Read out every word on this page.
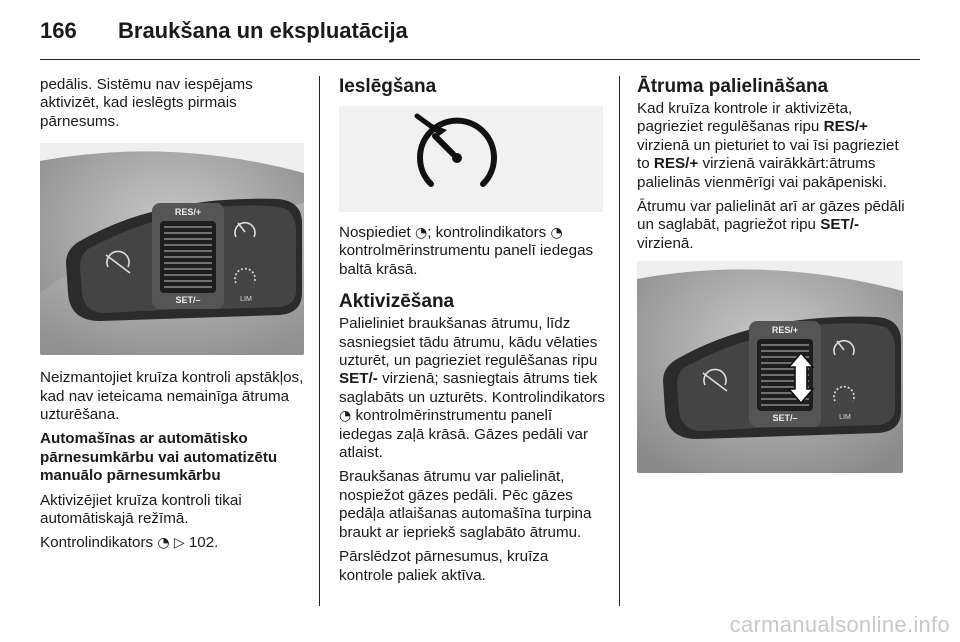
166 Braukšana un ekspluatācija

pedālis. Sistēmu nav iespējams aktivizēt, kad ieslēgts pirmais pārnesums.

RES/+
SET/–	LIM

Neizmantojiet kruīza kontroli apstākļos, kad nav ieteicama nemainīga ātruma uzturēšana.

Automašīnas ar automātisko pārnesumkārbu vai automatizētu manuālo pārnesumkārbu

Aktivizējiet kruīza kontroli tikai automātiskajā režīmā.

Kontrolindikators ◔ ▷ 102.

Ieslēgšana

Nospiediet ◔; kontrolindikators ◔ kontrolmērinstrumentu panelī iedegas baltā krāsā.

Aktivizēšana

Palieliniet braukšanas ātrumu, līdz sasniegsiet tādu ātrumu, kādu vēlaties uzturēt, un pagrieziet regulēšanas ripu SET/- virzienā; sasniegtais ātrums tiek saglabāts un uzturēts. Kontrolindikators ◔ kontrolmērinstrumentu panelī iedegas zaļā krāsā. Gāzes pedāli var atlaist.

Braukšanas ātrumu var palielināt, nospiežot gāzes pedāli. Pēc gāzes pedāļa atlaišanas automašīna turpina braukt ar iepriekš saglabāto ātrumu.

Pārslēdzot pārnesumus, kruīza kontrole paliek aktīva.

Ātruma palielināšana

Kad kruīza kontrole ir aktivizēta, pagrieziet regulēšanas ripu RES/+ virzienā un pieturiet to vai īsi pagrieziet to RES/+ virzienā vairākkārt:ātrums palielinās vienmērīgi vai pakāpeniski.

Ātrumu var palielināt arī ar gāzes pēdāli un saglabāt, pagriežot ripu SET/- virzienā.

RES/+
SET/–	LIM
carmanualsonline.info
